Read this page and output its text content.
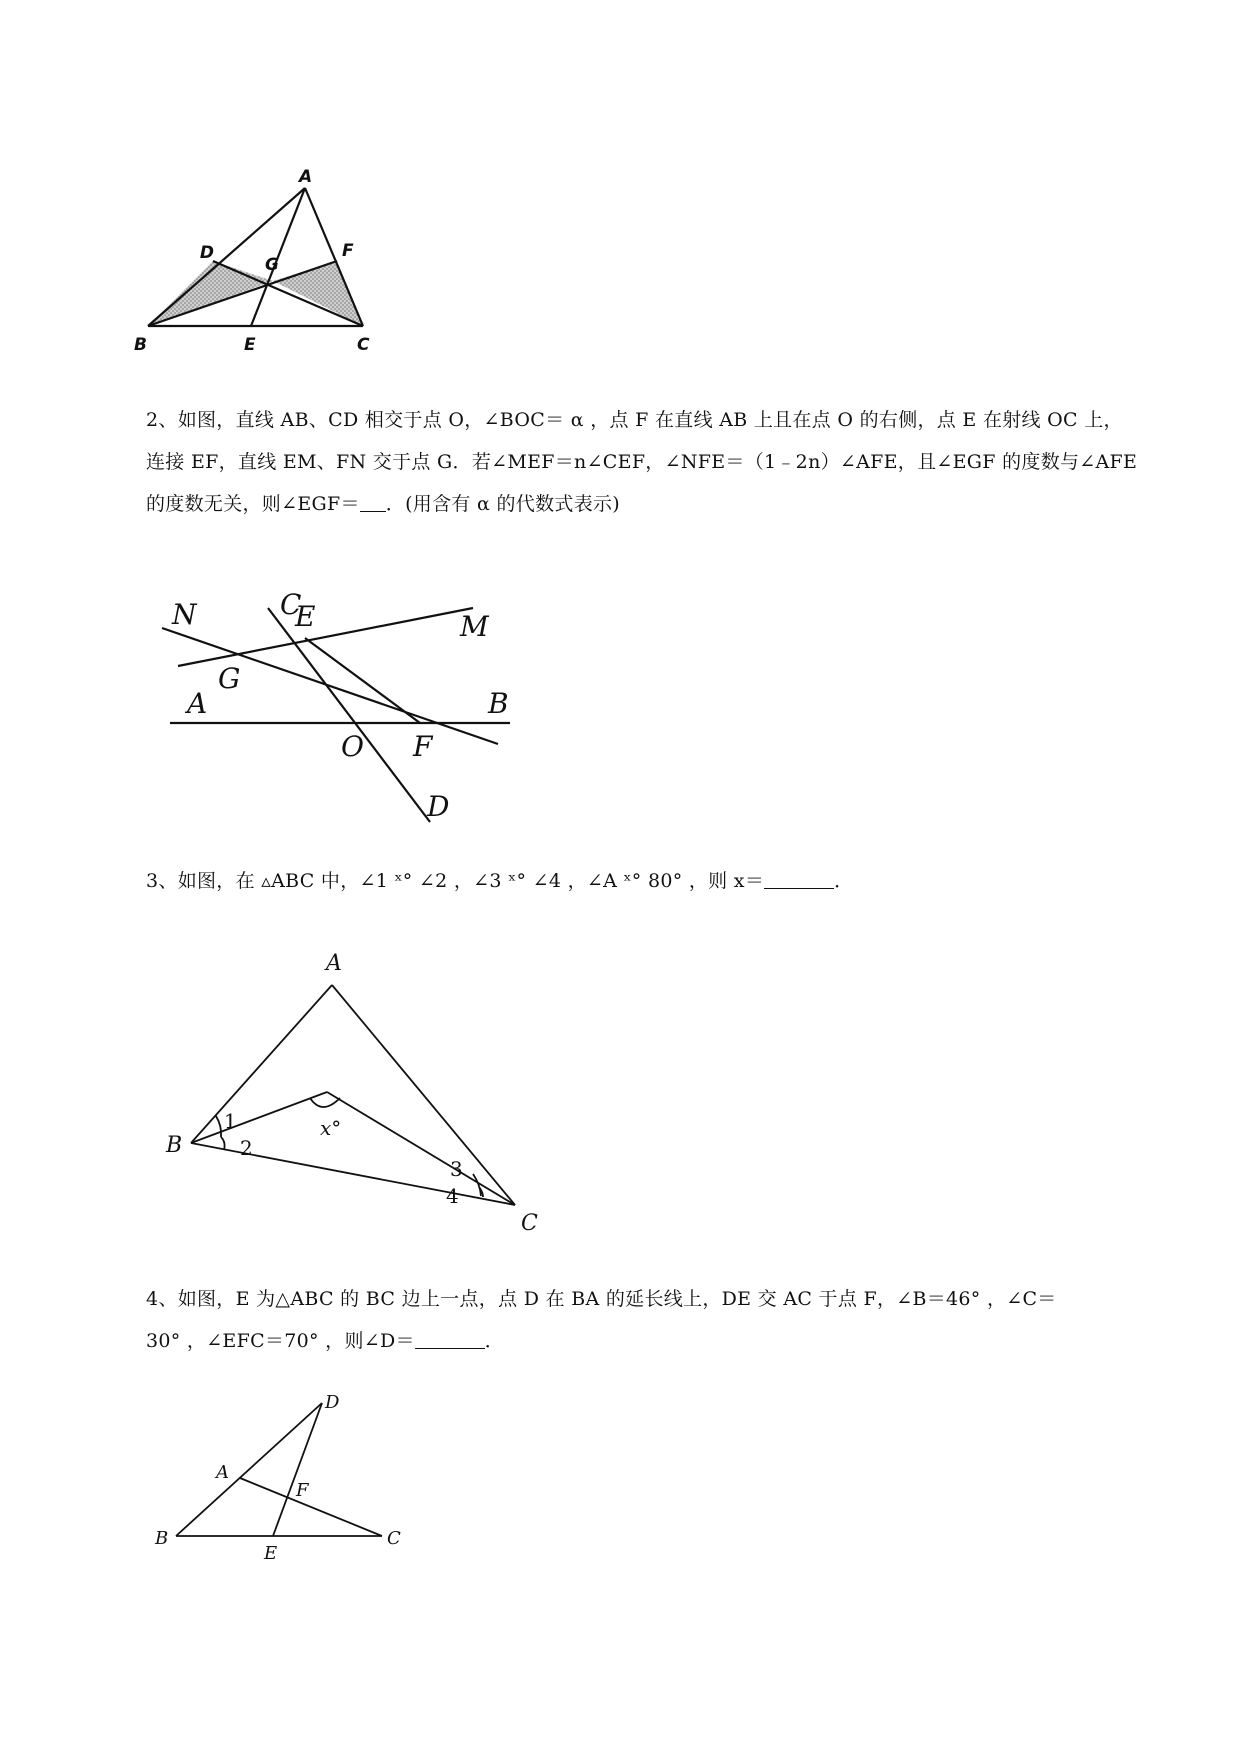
A
D
G
F
B	E	C

2、如图，直线 AB、CD 相交于点 O，∠BOC＝ α ，点 F 在直线 AB 上且在点 O 的右侧，点 E 在射线 OC 上，

连接 EF，直线 EM、FN 交于点 G．若∠MEF＝n∠CEF，∠NFE＝（1﹣2n）∠AFE，且∠EGF 的度数与∠AFE

的度数无关，则∠EGF＝ ．(用含有 α 的代数式表示)

N	C
E	M
G
A	B
O F
D

3、如图，在 ▵ABC 中，∠1 ˣ° ∠2 ，∠3 ˣ° ∠4 ，∠A ˣ° 80° ，则 x＝	．

A
B
C
1
2
3
4
x°

4、如图，E 为△ABC 的 BC 边上一点，点 D 在 BA 的延长线上，DE 交 AC 于点 F，∠B＝46° ，∠C＝

30° ，∠EFC＝70° ，则∠D＝	．

D
A
F
B
E
C
